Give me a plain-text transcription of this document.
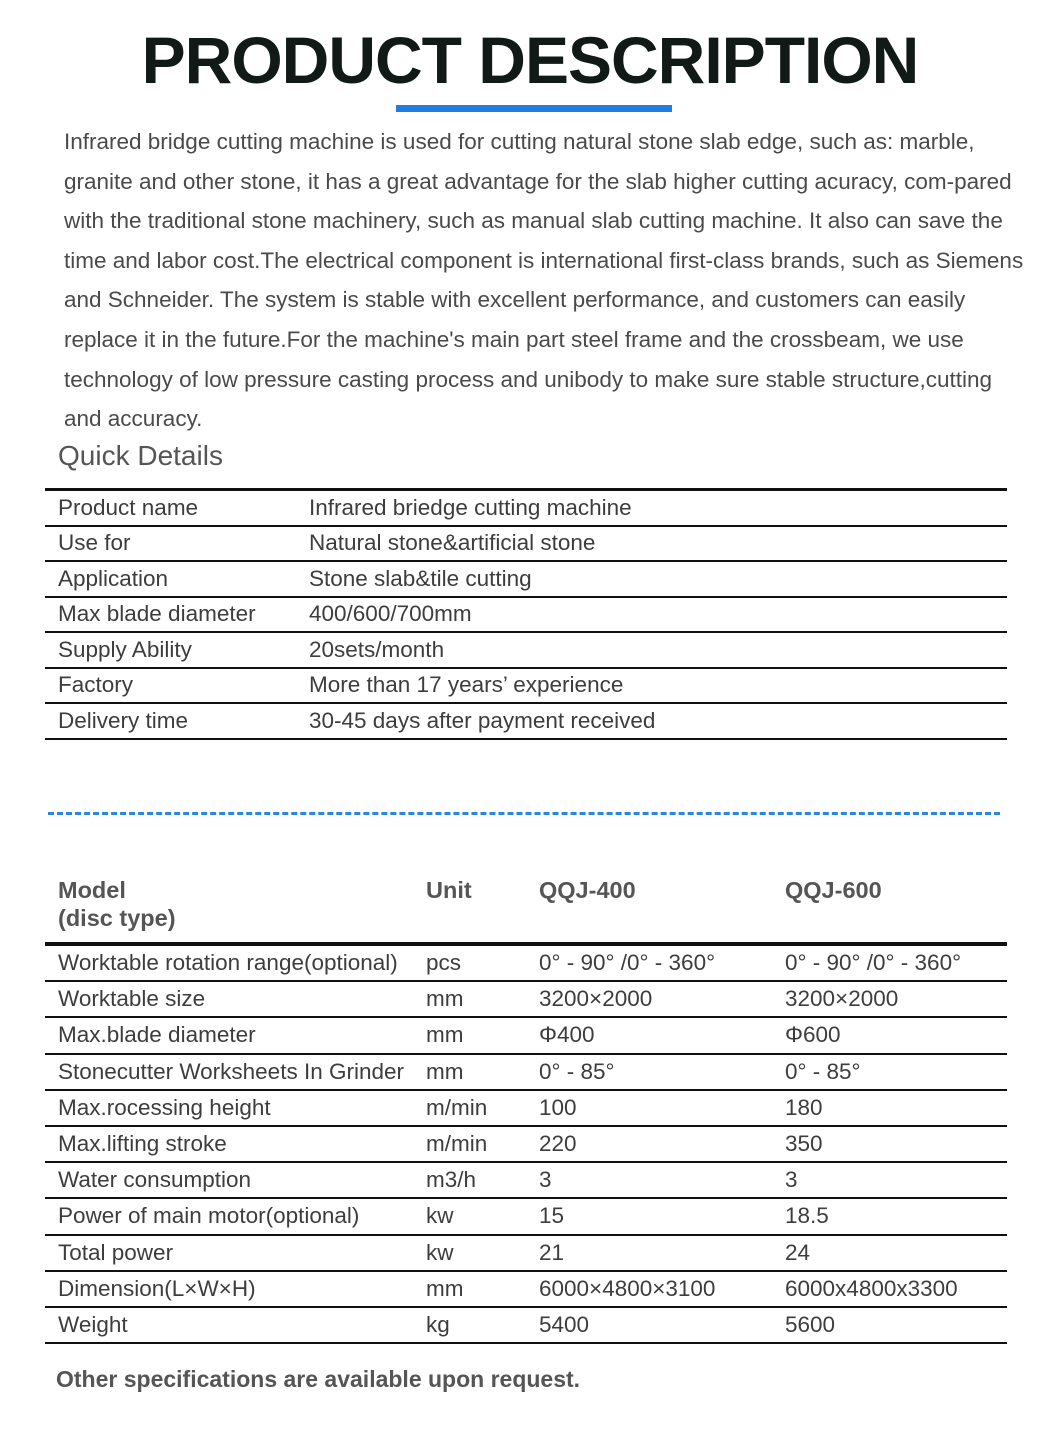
PRODUCT DESCRIPTION

Infrared bridge cutting machine is used for cutting natural stone slab edge, such as: marble, granite and other stone, it has a great advantage for the slab higher cutting acuracy, com-pared with the traditional stone machinery, such as manual slab cutting machine. It also can save the time and labor cost.The electrical component is international first-class brands, such as Siemens and Schneider. The system is stable with excellent performance, and customers can easily replace it in the future.For the machine's main part steel frame and the crossbeam, we use technology of low pressure casting process and unibody to make sure stable structure,cutting and accuracy.

Quick Details
Product name	Infrared briedge cutting machine
Use for	Natural stone&artificial stone
Application	Stone slab&tile cutting
Max blade diameter	400/600/700mm
Supply Ability	20sets/month
Factory	More than 17 years’ experience
Delivery time	30-45 days after payment received
Model
(disc type)	Unit	QQJ-400	QQJ-600
Worktable rotation range(optional)	pcs	0° - 90° /0° - 360°	0° - 90° /0° - 360°
Worktable size	mm	3200×2000	3200×2000
Max.blade diameter	mm	Φ400	Φ600
Stonecutter Worksheets In Grinder	mm	0° - 85°	0° - 85°
Max.rocessing height	m/min	100	180
Max.lifting stroke	m/min	220	350
Water consumption	m3/h	3	3
Power of main motor(optional)	kw	15	18.5
Total power	kw	21	24
Dimension(L×W×H)	mm	6000×4800×3100	6000x4800x3300
Weight	kg	5400	5600

Other specifications are available upon request.
